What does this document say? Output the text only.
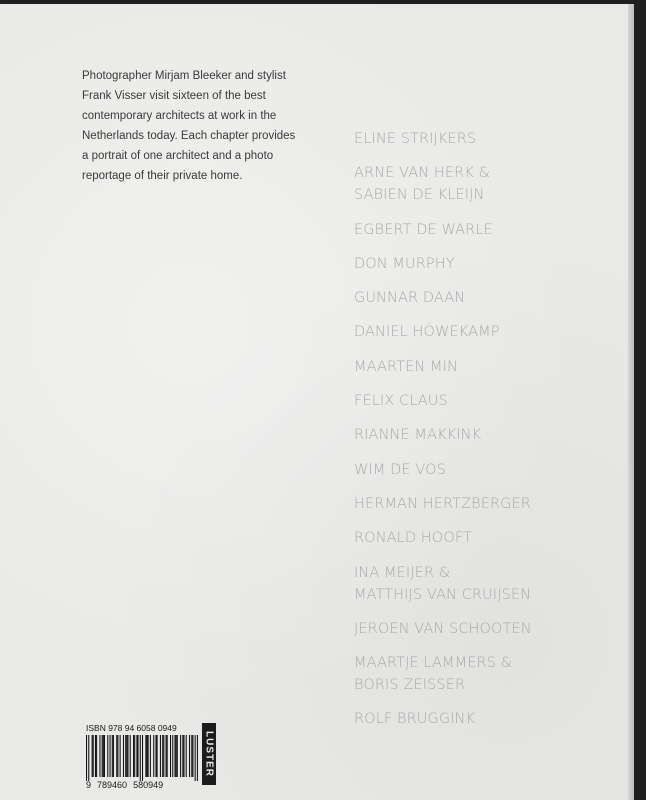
Photographer Mirjam Bleeker and stylist
Frank Visser visit sixteen of the best
contemporary architects at work in the
Netherlands today. Each chapter provides
a portrait of one architect and a photo
reportage of their private home.

ELINE STRIJKERS
ARNE VAN HERK &
SABIEN DE KLEIJN
EGBERT DE WARLE
DON MURPHY
GUNNAR DAAN
DANIEL HÖWEKAMP
MAARTEN MIN
FELIX CLAUS
RIANNE MAKKINK
WIM DE VOS
HERMAN HERTZBERGER
RONALD HOOFT
INA MEIJER &
MATTHIJS VAN CRUIJSEN
JEROEN VAN SCHOOTEN
MAARTJE LAMMERS &
BORIS ZEISSER
ROLF BRUGGINK
ISBN 978 94 6058 0949
9 789460 580949
LUSTER
